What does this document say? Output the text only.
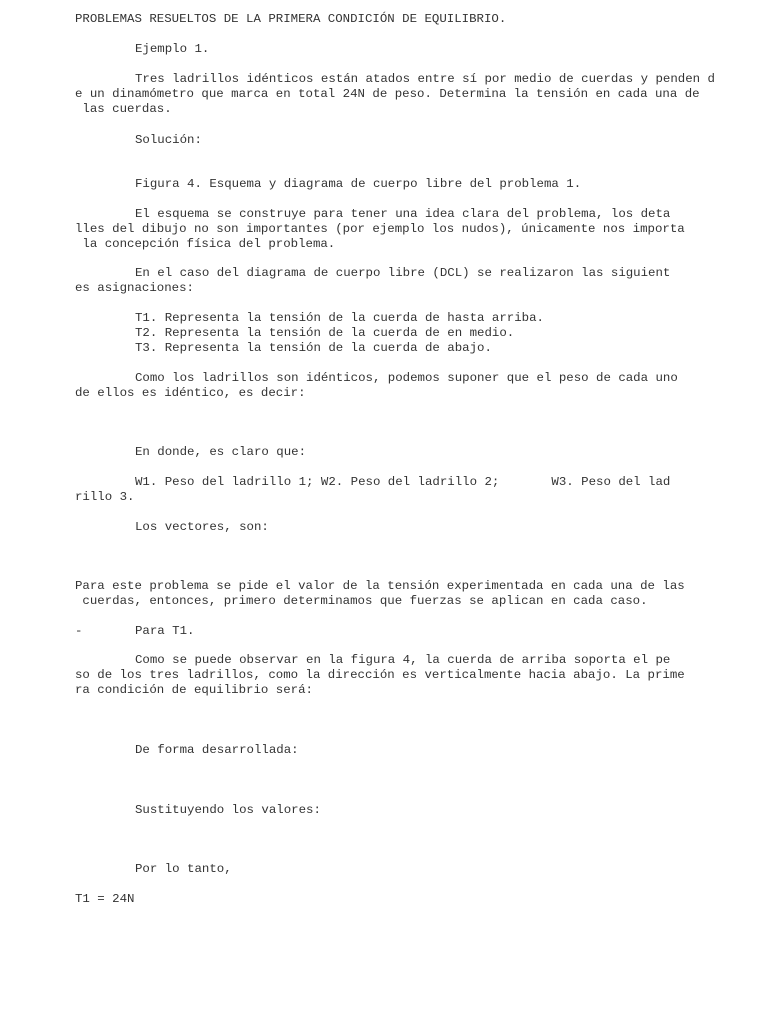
PROBLEMAS RESUELTOS DE LA PRIMERA CONDICIÓN DE EQUILIBRIO.

Ejemplo 1.

Tres ladrillos idénticos están atados entre sí por medio de cuerdas y penden d

e un dinamómetro que marca en total 24N de peso. Determina la tensión en cada una de

las cuerdas.

Solución:

Figura 4. Esquema y diagrama de cuerpo libre del problema 1.

El esquema se construye para tener una idea clara del problema, los deta

lles del dibujo no son importantes (por ejemplo los nudos), únicamente nos importa

la concepción física del problema.

En el caso del diagrama de cuerpo libre (DCL) se realizaron las siguient

es asignaciones:

T1. Representa la tensión de la cuerda de hasta arriba.

T2. Representa la tensión de la cuerda de en medio.

T3. Representa la tensión de la cuerda de abajo.

Como los ladrillos son idénticos, podemos suponer que el peso de cada uno

de ellos es idéntico, es decir:

En donde, es claro que:

W1. Peso del ladrillo 1; W2. Peso del ladrillo 2;       W3. Peso del lad

rillo 3.

Los vectores, son:

Para este problema se pide el valor de la tensión experimentada en cada una de las

cuerdas, entonces, primero determinamos que fuerzas se aplican en cada caso.

-	Para T1.

Como se puede observar en la figura 4, la cuerda de arriba soporta el pe

so de los tres ladrillos, como la dirección es verticalmente hacia abajo. La prime

ra condición de equilibrio será:

De forma desarrollada:

Sustituyendo los valores:

Por lo tanto,

T1 = 24N
